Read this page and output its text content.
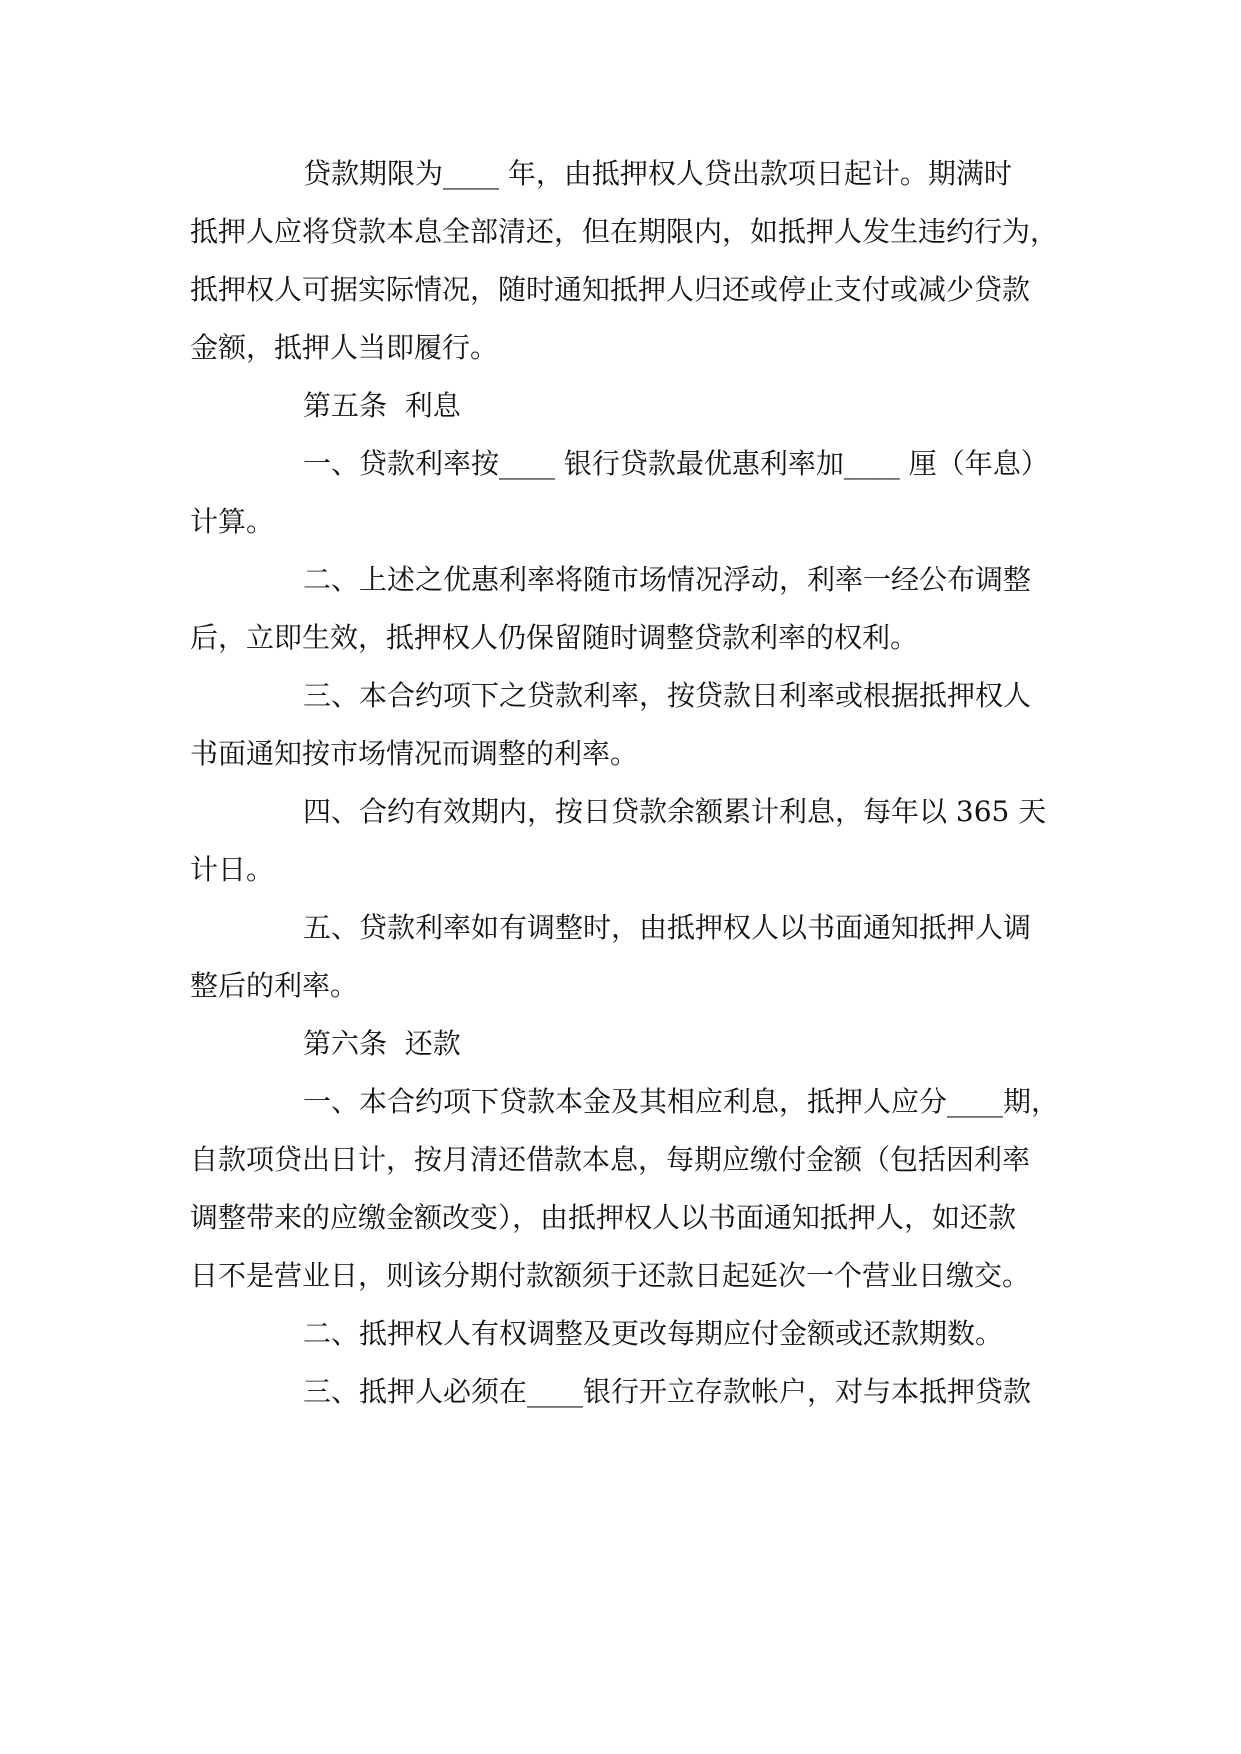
贷款期限为____ 年，由抵押权人贷出款项日起计。期满时
抵押人应将贷款本息全部清还，但在期限内，如抵押人发生违约行为，
抵押权人可据实际情况，随时通知抵押人归还或停止支付或减少贷款
金额，抵押人当即履行。
第五条  利息
一、贷款利率按____ 银行贷款最优惠利率加____ 厘（年息）
计算。
二、上述之优惠利率将随市场情况浮动，利率一经公布调整
后，立即生效，抵押权人仍保留随时调整贷款利率的权利。
三、本合约项下之贷款利率，按贷款日利率或根据抵押权人
书面通知按市场情况而调整的利率。
四、合约有效期内，按日贷款余额累计利息，每年以 365 天
计日。
五、贷款利率如有调整时，由抵押权人以书面通知抵押人调
整后的利率。
第六条  还款
一、本合约项下贷款本金及其相应利息，抵押人应分____期，
自款项贷出日计，按月清还借款本息，每期应缴付金额（包括因利率
调整带来的应缴金额改变），由抵押权人以书面通知抵押人，如还款
日不是营业日，则该分期付款额须于还款日起延次一个营业日缴交。
二、抵押权人有权调整及更改每期应付金额或还款期数。
三、抵押人必须在____银行开立存款帐户，对与本抵押贷款
